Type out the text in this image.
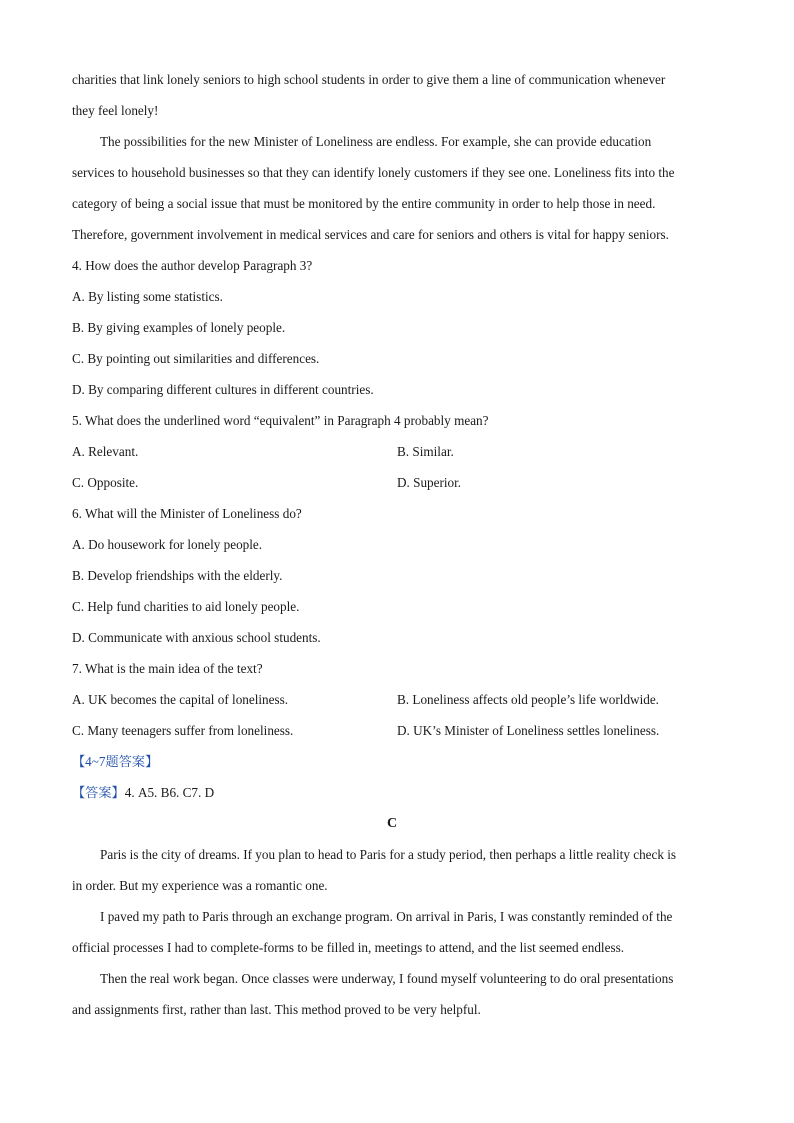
charities that link lonely seniors to high school students in order to give them a line of communication whenever
they feel lonely!
The possibilities for the new Minister of Loneliness are endless. For example, she can provide education
services to household businesses so that they can identify lonely customers if they see one. Loneliness fits into the
category of being a social issue that must be monitored by the entire community in order to help those in need.
Therefore, government involvement in medical services and care for seniors and others is vital for happy seniors.
4. How does the author develop Paragraph 3?
A. By listing some statistics.
B. By giving examples of lonely people.
C. By pointing out similarities and differences.
D. By comparing different cultures in different countries.
5. What does the underlined word “equivalent” in Paragraph 4 probably mean?
A. Relevant.	B. Similar.
C. Opposite.	D. Superior.
6. What will the Minister of Loneliness do?
A. Do housework for lonely people.
B. Develop friendships with the elderly.
C. Help fund charities to aid lonely people.
D. Communicate with anxious school students.
7. What is the main idea of the text?
A. UK becomes the capital of loneliness.	B. Loneliness affects old people’s life worldwide.
C. Many teenagers suffer from loneliness.	D. UK’s Minister of Loneliness settles loneliness.
【4~7题答案】
【答案】4. A5. B6. C7. D
C
Paris is the city of dreams. If you plan to head to Paris for a study period, then perhaps a little reality check is
in order. But my experience was a romantic one.
I paved my path to Paris through an exchange program. On arrival in Paris, I was constantly reminded of the
official processes I had to complete-forms to be filled in, meetings to attend, and the list seemed endless.
Then the real work began. Once classes were underway, I found myself volunteering to do oral presentations
and assignments first, rather than last. This method proved to be very helpful.
